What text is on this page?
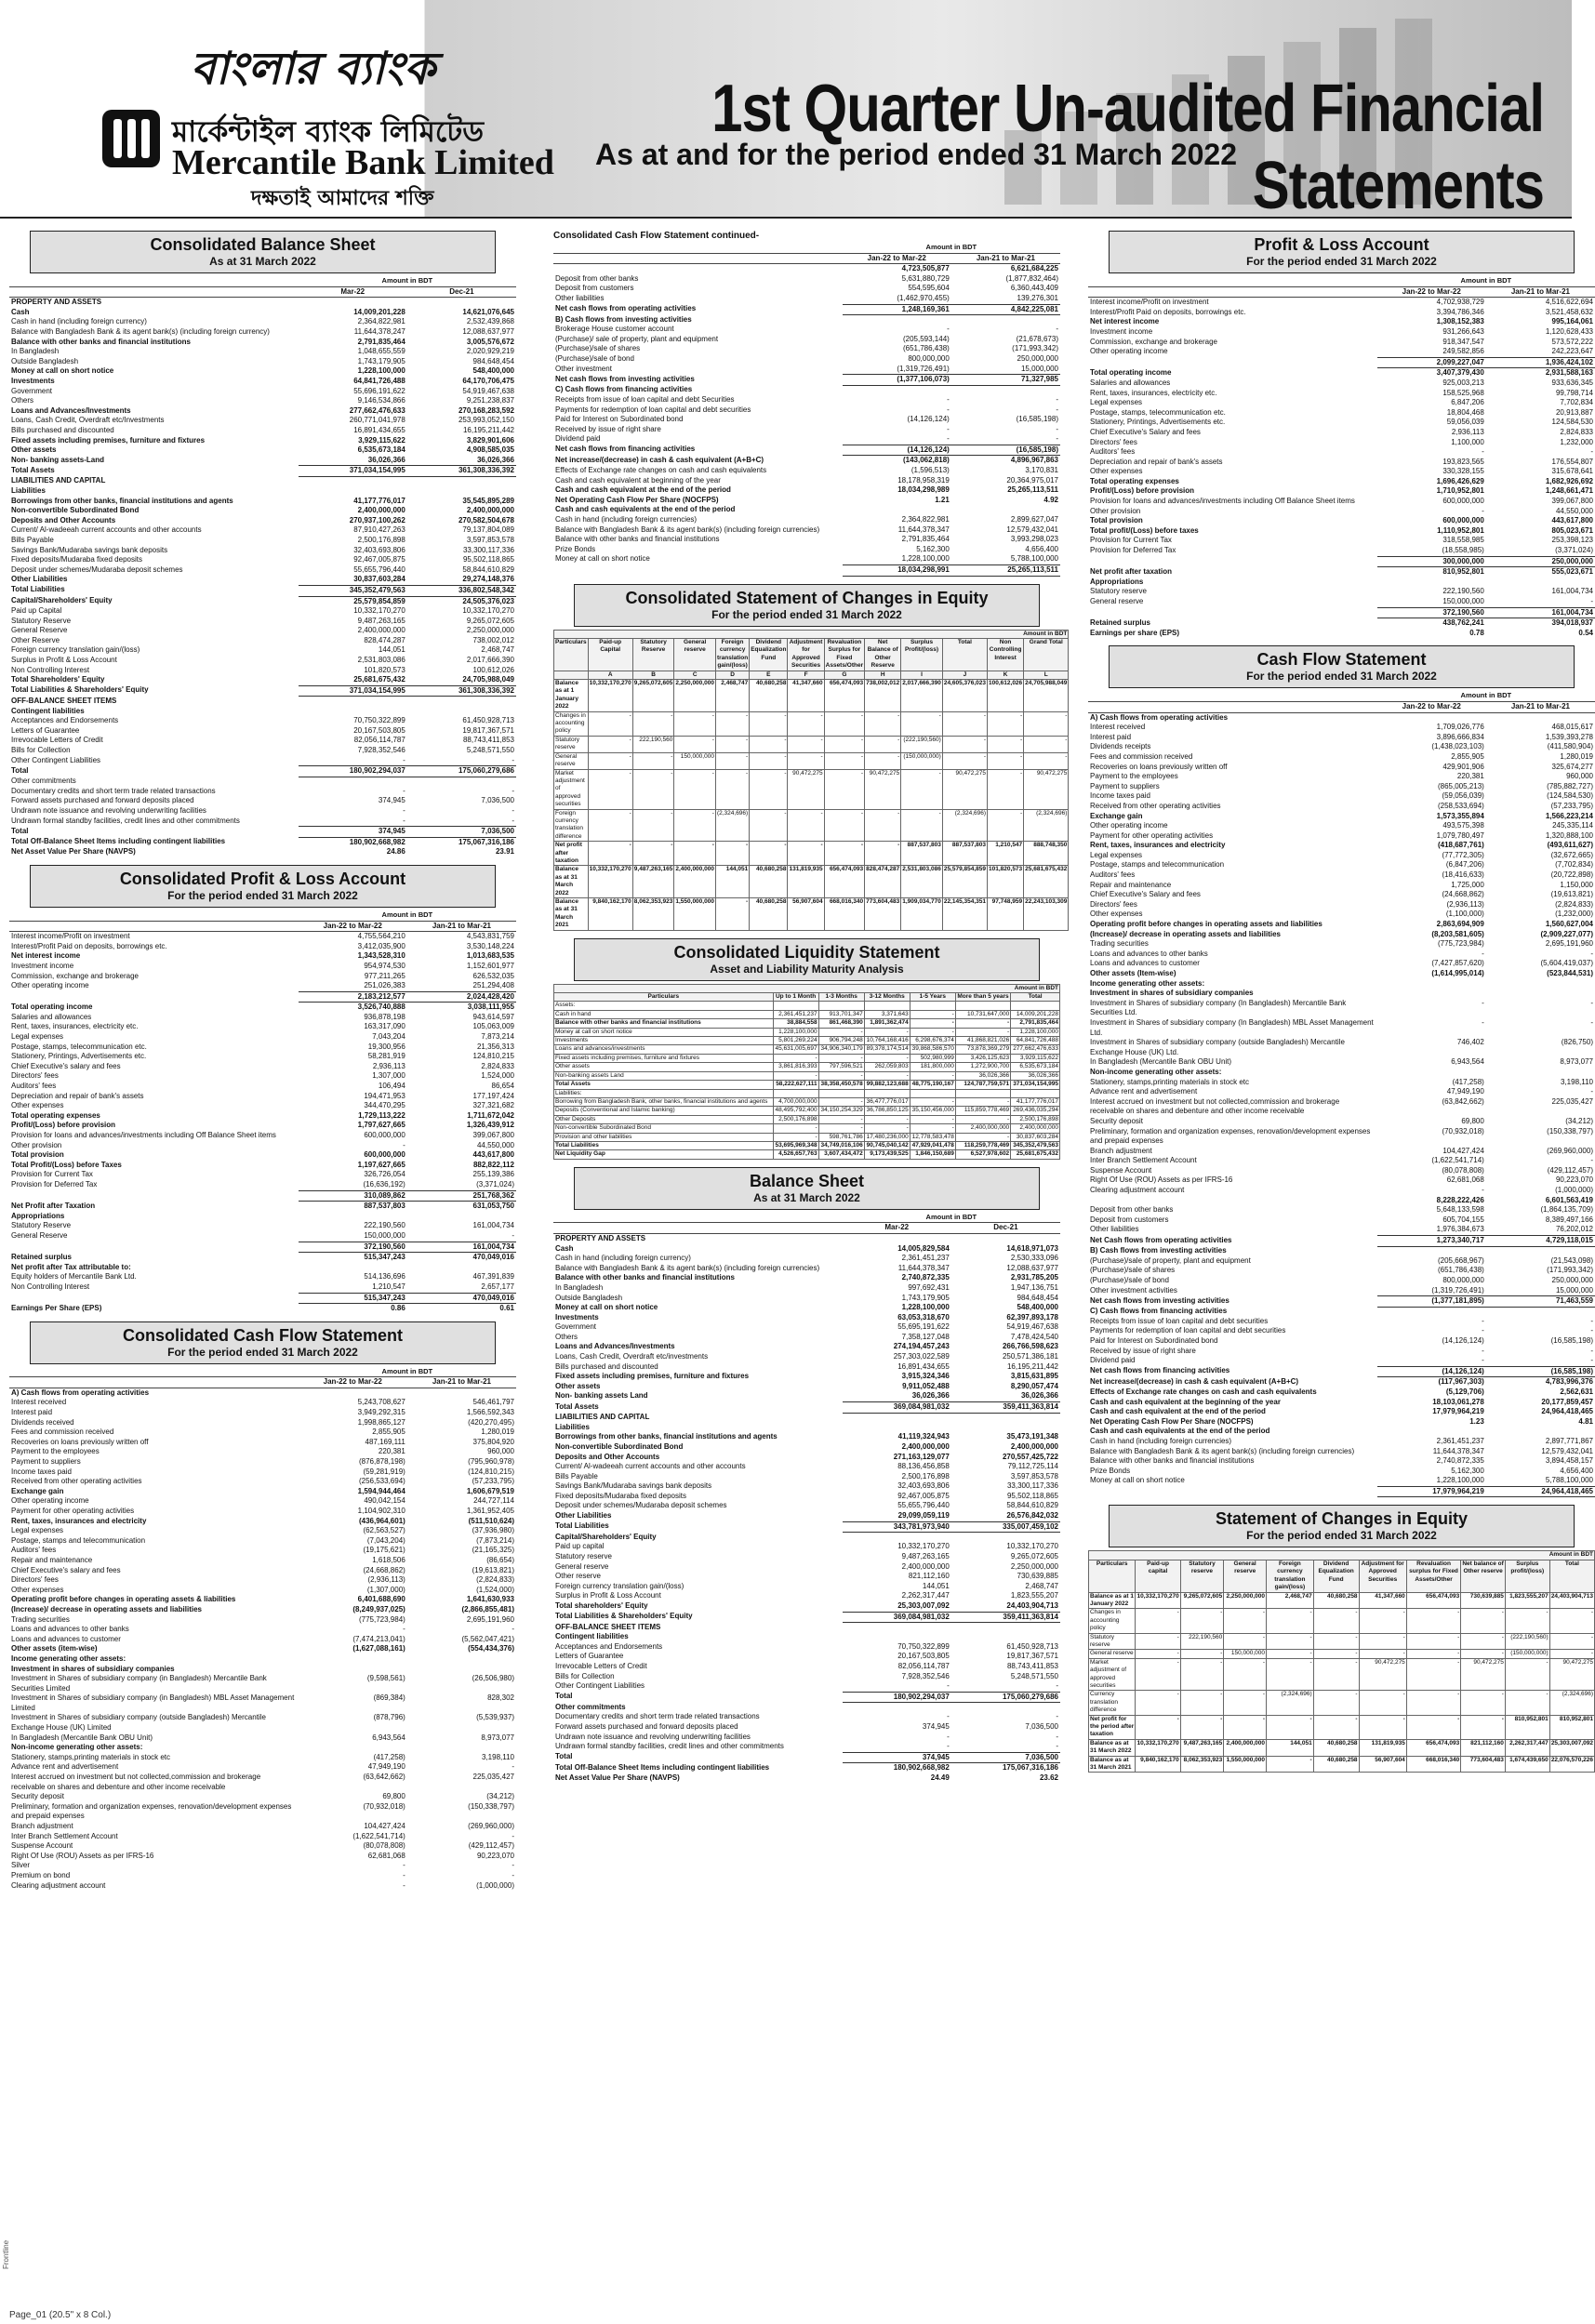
বাংলার ব্যাংক
মার্কেন্টাইল ব্যাংক লিমিটেড
Mercantile Bank Limited
দক্ষতাই আমাদের শক্তি
1st Quarter Un-audited Financial Statements
As at and for the period ended 31 March 2022
Consolidated Balance Sheet
As at 31 March 2022
	Amount in BDT	
	Mar-22	Dec-21
PROPERTY AND ASSETS		
Cash	14,009,201,228	14,621,076,645
Cash in hand (including foreign currency)	2,364,822,981	2,532,439,868
Balance with Bangladesh Bank & its agent bank(s) (including foreign currency)	11,644,378,247	12,088,637,977
Balance with other banks and financial institutions	2,791,835,464	3,005,576,672
In Bangladesh	1,048,655,559	2,020,929,219
Outside Bangladesh	1,743,179,905	984,648,454
Money at call on short notice	1,228,100,000	548,400,000
Investments	64,841,726,488	64,170,706,475
Government	55,696,191,622	54,919,467,638
Others	9,146,534,866	9,251,238,837
Loans and Advances/Investments	277,662,476,633	270,168,283,592
Loans, Cash Credit, Overdraft etc/Investments	260,771,041,978	253,993,052,150
Bills purchased and discounted	16,891,434,655	16,195,211,442
Fixed assets including premises, furniture and fixtures	3,929,115,622	3,829,901,606
Other assets	6,535,673,184	4,908,585,035
Non- banking assets-Land	36,026,366	36,026,366
Total Assets	371,034,154,995	361,308,336,392
LIABILITIES AND CAPITAL		
Liabilities		
Borrowings from other banks, financial institutions and agents	41,177,776,017	35,545,895,289
Non-convertible Subordinated Bond	2,400,000,000	2,400,000,000
Deposits and Other Accounts	270,937,100,262	270,582,504,678
Current/ Al-wadeeah current accounts and other accounts	87,910,427,263	79,137,804,089
Bills Payable	2,500,176,898	3,597,853,578
Savings Bank/Mudaraba savings bank deposits	32,403,693,806	33,300,117,336
Fixed deposits/Mudaraba fixed deposits	92,467,005,875	95,502,118,865
Deposit under schemes/Mudaraba deposit schemes	55,655,796,440	58,844,610,829
Other Liabilities	30,837,603,284	29,274,148,376
Total Liabilities	345,352,479,563	336,802,548,342
Capital/Shareholders' Equity	25,579,854,859	24,505,376,023
Paid up Capital	10,332,170,270	10,332,170,270
Statutory Reserve	9,487,263,165	9,265,072,605
General Reserve	2,400,000,000	2,250,000,000
Other Reserve	828,474,287	738,002,012
Foreign currency translation gain/(loss)	144,051	2,468,747
Surplus in Profit & Loss Account	2,531,803,086	2,017,666,390
Non Controlling Interest	101,820,573	100,612,026
Total Shareholders' Equity	25,681,675,432	24,705,988,049
Total Liabilities & Shareholders' Equity	371,034,154,995	361,308,336,392
OFF-BALANCE SHEET ITEMS		
Contingent liabilities		
Acceptances and Endorsements	70,750,322,899	61,450,928,713
Letters of Guarantee	20,167,503,805	19,817,367,571
Irrevocable Letters of Credit	82,056,114,787	88,743,411,853
Bills for Collection	7,928,352,546	5,248,571,550
Other Contingent Liabilities	-	-
Total	180,902,294,037	175,060,279,686
Other commitments		
Documentary credits and short term trade related transactions	-	-
Forward assets purchased and forward deposits placed	374,945	7,036,500
Undrawn note issuance and revolving underwriting facilities	-	-
Undrawn formal standby facilities, credit lines and other commitments	-	-
Total	374,945	7,036,500
Total Off-Balance Sheet Items including contingent liabilities	180,902,668,982	175,067,316,186
Net Asset Value Per Share (NAVPS)	24.86	23.91
Consolidated Profit & Loss Account
For the period ended 31 March 2022
	Amount in BDT	
	Jan-22 to Mar-22	Jan-21 to Mar-21
Interest income/Profit on investment	4,755,564,210	4,543,831,759
Interest/Profit Paid on deposits, borrowings etc.	3,412,035,900	3,530,148,224
Net interest income	1,343,528,310	1,013,683,535
Investment income	954,974,530	1,152,601,977
Commission, exchange and brokerage	977,211,265	626,532,035
Other operating income	251,026,383	251,294,408
	2,183,212,577	2,024,428,420
Total operating income	3,526,740,888	3,038,111,955
Salaries and allowances	936,878,198	943,614,597
Rent, taxes, insurances, electricity etc.	163,317,090	105,063,009
Legal expenses	7,043,204	7,873,214
Postage, stamps, telecommunication etc.	19,300,956	21,356,313
Stationery, Printings, Advertisements etc.	58,281,919	124,810,215
Chief Executive's salary and fees	2,936,113	2,824,833
Directors' fees	1,307,000	1,524,000
Auditors' fees	106,494	86,654
Depreciation and repair of bank's assets	194,471,953	177,197,424
Other expenses	344,470,295	327,321,682
Total operating expenses	1,729,113,222	1,711,672,042
Profit/(Loss) before provision	1,797,627,665	1,326,439,912
Provision for loans and advances/investments including Off Balance Sheet items	600,000,000	399,067,800
Other provision	-	44,550,000
Total provision	600,000,000	443,617,800
Total Profit/(Loss) before Taxes	1,197,627,665	882,822,112
Provision for Current Tax	326,726,054	255,139,386
Provision for Deferred Tax	(16,636,192)	(3,371,024)
	310,089,862	251,768,362
Net Profit after Taxation	887,537,803	631,053,750
Appropriations		
Statutory Reserve	222,190,560	161,004,734
General Reserve	150,000,000	-
	372,190,560	161,004,734
Retained surplus	515,347,243	470,049,016
Net profit after Tax attributable to:		
Equity holders of Mercantile Bank Ltd.	514,136,696	467,391,839
Non Controlling Interest	1,210,547	2,657,177
	515,347,243	470,049,016
Earnings Per Share (EPS)	0.86	0.61
Consolidated Cash Flow Statement
For the period ended 31 March 2022
	Amount in BDT	
	Jan-22 to Mar-22	Jan-21 to Mar-21
A) Cash flows from operating activities		
Interest received	5,243,708,627	546,461,797
Interest paid	3,949,292,315	1,566,592,343
Dividends received	1,998,865,127	(420,270,495)
Fees and commission received	2,855,905	1,280,019
Recoveries on loans previously written off	487,169,111	375,804,920
Payment to the employees	220,381	960,000
Payment to suppliers	(876,878,198)	(795,960,978)
Income taxes paid	(59,281,919)	(124,810,215)
Received from other operating activities	(256,533,694)	(57,233,795)
Exchange gain	1,594,944,464	1,606,679,519
Other operating income	490,042,154	244,727,114
Payment for other operating activities	1,104,902,310	1,361,952,405
Rent, taxes, insurances and electricity	(436,964,601)	(511,510,624)
Legal expenses	(62,563,527)	(37,936,980)
Postage, stamps and telecommunication	(7,043,204)	(7,873,214)
Auditors' fees	(19,175,621)	(21,165,325)
Repair and maintenance	1,618,506	(86,654)
Chief Executive's salary and fees	(24,668,862)	(19,613,821)
Directors' fees	(2,936,113)	(2,824,833)
Other expenses	(1,307,000)	(1,524,000)
Operating profit before changes in operating assets & liabilities	6,401,688,690	1,641,630,933
(Increase)/ decrease in operating assets and liabilities	(8,249,937,025)	(2,866,855,481)
Trading securities	(775,723,984)	2,695,191,960
Loans and advances to other banks	-	-
Loans and advances to customer	(7,474,213,041)	(5,562,047,421)
Other assets (item-wise)	(1,627,088,161)	(554,434,376)
Income generating other assets:		
Investment in shares of subsidiary companies		
Investment in Shares of subsidiary company (in Bangladesh) Mercantile Bank Securities Limited	(9,598,561)	(26,506,980)
Investment in Shares of subsidiary company (in Bangladesh) MBL Asset Management Limited	(869,384)	828,302
Investment in Shares of subsidiary company (outside Bangladesh) Mercantile Exchange House (UK) Limited	(878,796)	(5,539,937)
In Bangladesh (Mercantile Bank OBU Unit)	6,943,564	8,973,077
Non-income generating other assets:		
Stationery, stamps,printing materials in stock etc	(417,258)	3,198,110
Advance rent and advertisement	47,949,190	-
Interest accrued on investment but not collected,commission and brokerage receivable on shares and debenture and other income receivable	(63,642,662)	225,035,427
Security deposit	69,800	(34,212)
Preliminary, formation and organization expenses, renovation/development expenses and prepaid expenses	(70,932,018)	(150,338,797)
Branch adjustment	104,427,424	(269,960,000)
Inter Branch Settlement Account	(1,622,541,714)	-
Suspense Account	(80,078,808)	(429,112,457)
Right Of Use (ROU) Assets as per IFRS-16	62,681,068	90,223,070
Silver	-	-
Premium on bond	-	-
Clearing adjustment account	-	(1,000,000)
Consolidated Cash Flow Statement continued-
	Amount in BDT	
	Jan-22 to Mar-22	Jan-21 to Mar-21
	4,723,505,877	6,621,684,225
Deposit from other banks	5,631,880,729	(1,877,832,464)
Deposit from customers	554,595,604	6,360,443,409
Other liabilities	(1,462,970,455)	139,276,301
Net cash flows from operating activities	1,248,169,361	4,842,225,081
B) Cash flows from investing activities		
Brokerage House customer account	-	-
(Purchase)/ sale of property, plant and equipment	(205,593,144)	(21,678,673)
(Purchase)/sale of shares	(651,786,438)	(171,993,342)
(Purchase)/sale of bond	800,000,000	250,000,000
Other investment	(1,319,726,491)	15,000,000
Net cash flows from investing activities	(1,377,106,073)	71,327,985
C) Cash flows from financing activities		
Receipts from issue of loan capital and debt Securities	-	-
Payments for redemption of loan capital and debt securities	-	-
Paid for Interest on Subordinated bond	(14,126,124)	(16,585,198)
Received by issue of right share	-	-
Dividend paid	-	-
Net cash flows from financing activities	(14,126,124)	(16,585,198)
Net increase/(decrease) in cash & cash equivalent (A+B+C)	(143,062,818)	4,896,967,863
Effects of Exchange rate changes on cash and cash equivalents	(1,596,513)	3,170,831
Cash and cash equivalent at beginning of the year	18,178,958,319	20,364,975,017
Cash and cash equivalent at the end of the period	18,034,298,989	25,265,113,511
Net Operating Cash Flow Per Share (NOCFPS)	1.21	4.92
Cash and cash equivalents at the end of the period		
Cash in hand (including foreign currencies)	2,364,822,981	2,899,627,047
Balance with Bangladesh Bank & its agent bank(s) (including foreign currencies)	11,644,378,347	12,579,432,041
Balance with other banks and financial institutions	2,791,835,464	3,993,298,023
Prize Bonds	5,162,300	4,656,400
Money at call on short notice	1,228,100,000	5,788,100,000
	18,034,298,991	25,265,113,511
Consolidated Statement of Changes in Equity
For the period ended 31 March 2022
Amount in BDT												
Particulars	Paid-up Capital	Statutory Reserve	General reserve	Foreign currency translation gain/(loss)	Dividend Equalization Fund	Adjustment for Approved Securities	Revaluation Surplus for Fixed Assets/Other	Net Balance of Other Reserve	Surplus Profit/(loss)	Total	Non Controlling Interest	Grand Total
	A	B	C	D	E	F	G	H	I	J	K	L
Balance as at 1 January 2022	10,332,170,270	9,265,072,605	2,250,000,000	2,468,747	40,680,258	41,347,660	656,474,093	738,002,012	2,017,666,390	24,605,376,023	100,612,026	24,705,988,049
Changes in accounting policy	-	-	-	-	-	-	-	-	-	-	-	-
Statutory reserve	-	222,190,560	-	-	-	-	-	-	(222,190,560)	-	-	-
General reserve	-	-	150,000,000	-	-	-	-	-	(150,000,000)	-	-	-
Market adjustment of approved securities	-	-	-	-	-	90,472,275	-	90,472,275	-	90,472,275	-	90,472,275
Foreign currency translation difference	-	-	-	(2,324,696)	-	-	-	-	-	(2,324,696)	-	(2,324,696)
Net profit after taxation	-	-	-	-	-	-	-	-	887,537,803	887,537,803	1,210,547	888,748,350
Balance as at 31 March 2022	10,332,170,270	9,487,263,165	2,400,000,000	144,051	40,680,258	131,819,935	656,474,093	828,474,287	2,531,803,086	25,579,854,859	101,820,573	25,681,675,432
Balance as at 31 March 2021	9,840,162,170	8,062,353,923	1,550,000,000	-	40,680,258	56,907,604	668,016,340	773,604,483	1,909,034,770	22,145,354,351	97,748,959	22,243,103,309
Consolidated Liquidity Statement
Asset and Liability Maturity Analysis
Amount in BDT						
Particulars	Up to 1 Month	1-3 Months	3-12 Months	1-5 Years	More than 5 years	Total
Assets:						
Cash in hand	2,361,451,237	913,701,347	3,371,643	-	10,731,647,000	14,009,201,228
Balance with other banks and financial institutions	38,884,558	861,468,390	1,891,362,474	-	-	2,791,835,464
Money at call on short notice	1,228,100,000	-	-	-	-	1,228,100,000
Investments	5,801,269,224	906,794,248	10,764,168,416	6,298,676,374	41,868,821,026	64,841,726,488
Loans and advances/investments	45,631,005,697	34,906,340,179	89,378,174,514	39,868,586,570	73,878,369,279	277,662,476,633
Fixed assets including premises, furniture and fixtures	-	-	-	502,980,999	3,426,125,623	3,929,115,622
Other assets	3,861,816,393	797,596,521	262,059,803	181,800,000	1,272,900,700	6,535,673,184
Non-banking assets Land	-	-	-	-	36,026,366	36,026,366
Total Assets	58,222,627,111	38,358,450,578	99,882,123,688	48,775,190,167	124,787,759,571	371,034,154,995
Liabilities:						
Borrowing from Bangladesh Bank, other banks, financial institutions and agents	4,700,000,000	-	36,477,776,017	-	-	41,177,776,017
Deposits (Conventional and Islamic banking)	48,495,792,400	34,150,254,329	36,786,850,125	35,150,456,000	115,859,778,469	269,436,035,294
Other Deposits	2,500,176,898	-	-	-	-	2,500,176,898
Non-convertible Subordinated Bond	-	-	-	-	2,400,000,000	2,400,000,000
Provision and other liabilities	-	598,761,786	17,480,236,000	12,778,583,478	-	30,837,603,284
Total Liabilities	53,695,969,348	34,749,016,106	90,745,040,142	47,929,041,478	118,259,778,469	345,352,479,563
Net Liquidity Gap	4,526,657,763	3,607,434,472	9,173,439,525	1,846,150,689	6,527,978,602	25,681,675,432
Balance Sheet
As at 31 March 2022
	Amount in BDT	
	Mar-22	Dec-21
PROPERTY AND ASSETS		
Cash	14,005,829,584	14,618,971,073
Cash in hand (including foreign currency)	2,361,451,237	2,530,333,096
Balance with Bangladesh Bank & its agent bank(s) (including foreign currencies)	11,644,378,347	12,088,637,977
Balance with other banks and financial institutions	2,740,872,335	2,931,785,205
In Bangladesh	997,692,431	1,947,136,751
Outside Bangladesh	1,743,179,905	984,648,454
Money at call on short notice	1,228,100,000	548,400,000
Investments	63,053,318,670	62,397,893,178
Government	55,695,191,622	54,919,467,638
Others	7,358,127,048	7,478,424,540
Loans and Advances/Investments	274,194,457,243	266,766,598,623
Loans, Cash Credit, Overdraft etc/investments	257,303,022,589	250,571,386,181
Bills purchased and discounted	16,891,434,655	16,195,211,442
Fixed assets including premises, furniture and fixtures	3,915,324,346	3,815,631,895
Other assets	9,911,052,488	8,290,057,474
Non- banking assets Land	36,026,366	36,026,366
Total Assets	369,084,981,032	359,411,363,814
LIABILITIES AND CAPITAL		
Liabilities		
Borrowings from other banks, financial institutions and agents	41,119,324,943	35,473,191,348
Non-convertible Subordinated Bond	2,400,000,000	2,400,000,000
Deposits and Other Accounts	271,163,129,077	270,557,425,722
Current/ Al-wadeeah current accounts and other accounts	88,136,456,858	79,112,725,114
Bills Payable	2,500,176,898	3,597,853,578
Savings Bank/Mudaraba savings bank deposits	32,403,693,806	33,300,117,336
Fixed deposits/Mudaraba fixed deposits	92,467,005,875	95,502,118,865
Deposit under schemes/Mudaraba deposit schemes	55,655,796,440	58,844,610,829
Other Liabilities	29,099,059,119	26,576,842,032
Total Liabilities	343,781,973,940	335,007,459,102
Capital/Shareholders' Equity		
Paid up capital	10,332,170,270	10,332,170,270
Statutory reserve	9,487,263,165	9,265,072,605
General reserve	2,400,000,000	2,250,000,000
Other reserve	821,112,160	730,639,885
Foreign currency translation gain/(loss)	144,051	2,468,747
Surplus in Profit & Loss Account	2,262,317,447	1,823,555,207
Total shareholders' Equity	25,303,007,092	24,403,904,713
Total Liabilities & Shareholders' Equity	369,084,981,032	359,411,363,814
OFF-BALANCE SHEET ITEMS		
Contingent liabilities		
Acceptances and Endorsements	70,750,322,899	61,450,928,713
Letters of Guarantee	20,167,503,805	19,817,367,571
Irrevocable Letters of Credit	82,056,114,787	88,743,411,853
Bills for Collection	7,928,352,546	5,248,571,550
Other Contingent Liabilities	-	-
Total	180,902,294,037	175,060,279,686
Other commitments		
Documentary credits and short term trade related transactions	-	-
Forward assets purchased and forward deposits placed	374,945	7,036,500
Undrawn note issuance and revolving underwriting facilities	-	-
Undrawn formal standby facilities, credit lines and other commitments	-	-
Total	374,945	7,036,500
Total Off-Balance Sheet Items including contingent liabilities	180,902,668,982	175,067,316,186
Net Asset Value Per Share (NAVPS)	24.49	23.62
Profit & Loss Account
For the period ended 31 March 2022
	Amount in BDT	
	Jan-22 to Mar-22	Jan-21 to Mar-21
Interest income/Profit on investment	4,702,938,729	4,516,622,694
Interest/Profit Paid on deposits, borrowings etc.	3,394,786,346	3,521,458,632
Net interest income	1,308,152,383	995,164,061
Investment income	931,266,643	1,120,628,433
Commission, exchange and brokerage	918,347,547	573,572,222
Other operating income	249,582,856	242,223,647
	2,099,227,047	1,936,424,102
Total operating income	3,407,379,430	2,931,588,163
Salaries and allowances	925,003,213	933,636,345
Rent, taxes, insurances, electricity etc.	158,525,968	99,798,714
Legal expenses	6,847,206	7,702,834
Postage, stamps, telecommunication etc.	18,804,468	20,913,887
Stationery, Printings, Advertisements etc.	59,056,039	124,584,530
Chief Executive's Salary and fees	2,936,113	2,824,833
Directors' fees	1,100,000	1,232,000
Auditors' fees	-	-
Depreciation and repair of bank's assets	193,823,565	176,554,807
Other expenses	330,328,155	315,678,641
Total operating expenses	1,696,426,629	1,682,926,692
Profit/(Loss) before provision	1,710,952,801	1,248,661,471
Provision for loans and advances/investments including Off Balance Sheet items	600,000,000	399,067,800
Other provision	-	44,550,000
Total provision	600,000,000	443,617,800
Total profit/(Loss) before taxes	1,110,952,801	805,023,671
Provision for Current Tax	318,558,985	253,398,123
Provision for Deferred Tax	(18,558,985)	(3,371,024)
	300,000,000	250,000,000
Net profit after taxation	810,952,801	555,023,671
Appropriations		
Statutory reserve	222,190,560	161,004,734
General reserve	150,000,000	-
	372,190,560	161,004,734
Retained surplus	438,762,241	394,018,937
Earnings per share (EPS)	0.78	0.54
Cash Flow Statement
For the period ended 31 March 2022
	Amount in BDT	
	Jan-22 to Mar-22	Jan-21 to Mar-21
A) Cash flows from operating activities		
Interest received	1,709,026,776	468,015,617
Interest paid	3,896,666,834	1,539,393,278
Dividends receipts	(1,438,023,103)	(411,580,904)
Fees and commission received	2,855,905	1,280,019
Recoveries on loans previously written off	429,901,906	325,674,277
Payment to the employees	220,381	960,000
Payment to suppliers	(865,005,213)	(785,882,727)
Income taxes paid	(59,056,039)	(124,584,530)
Received from other operating activities	(258,533,694)	(57,233,795)
Exchange gain	1,573,355,894	1,566,223,214
Other operating income	493,575,398	245,335,114
Payment for other operating activities	1,079,780,497	1,320,888,100
Rent, taxes, insurances and electricity	(418,687,761)	(493,611,627)
Legal expenses	(77,772,305)	(32,672,665)
Postage, stamps and telecommunication	(6,847,206)	(7,702,834)
Auditors' fees	(18,416,633)	(20,722,898)
Repair and maintenance	1,725,000	1,150,000
Chief Executive's Salary and fees	(24,668,862)	(19,613,821)
Directors' fees	(2,936,113)	(2,824,833)
Other expenses	(1,100,000)	(1,232,000)
Operating profit before changes in operating assets and liabilities	2,863,694,909	1,560,627,004
(Increase)/ decrease in operating assets and liabilities	(8,203,581,605)	(2,909,227,077)
Trading securities	(775,723,984)	2,695,191,960
Loans and advances to other banks	-	-
Loans and advances to customer	(7,427,857,620)	(5,604,419,037)
Other assets (Item-wise)	(1,614,995,014)	(523,844,531)
Income generating other assets:		
Investment in shares of subsidiary companies		
Investment in Shares of subsidiary company (In Bangladesh) Mercantile Bank Securities Ltd.	-	-
Investment in Shares of subsidiary company (In Bangladesh) MBL Asset Management Ltd.	-	-
Investment in Shares of subsidiary company (outside Bangladesh) Mercantile Exchange House (UK) Ltd.	746,402	(826,750)
In Bangladesh (Mercantile Bank OBU Unit)	6,943,564	8,973,077
Non-income generating other assets:		
Stationery, stamps,printing materials in stock etc	(417,258)	3,198,110
Advance rent and advertisement	47,949,190	-
Interest accrued on investment but not collected,commission and brokerage receivable on shares and debenture and other income receivable	(63,842,662)	225,035,427
Security deposit	69,800	(34,212)
Preliminary, formation and organization expenses, renovation/development expenses and prepaid expenses	(70,932,018)	(150,338,797)
Branch adjustment	104,427,424	(269,960,000)
Inter Branch Settlement Account	(1,622,541,714)	-
Suspense Account	(80,078,808)	(429,112,457)
Right Of Use (ROU) Assets as per IFRS-16	62,681,068	90,223,070
Clearing adjustment account	-	(1,000,000)
	8,228,222,426	6,601,563,419
Deposit from other banks	5,648,133,598	(1,864,135,709)
Deposit from customers	605,704,155	8,389,497,166
Other liabilities	1,976,384,673	76,202,012
Net Cash flows from operating activities	1,273,340,717	4,729,118,015
B) Cash flows from investing activities		
(Purchase)/sale of property, plant and equipment	(205,668,967)	(21,543,098)
(Purchase)/sale of shares	(651,786,438)	(171,993,342)
(Purchase)/sale of bond	800,000,000	250,000,000
Other investment activities	(1,319,726,491)	15,000,000
Net cash flows from investing activities	(1,377,181,895)	71,463,559
C) Cash flows from financing activities		
Receipts from issue of loan capital and debt securities	-	-
Payments for redemption of loan capital and debt securities	-	-
Paid for Interest on Subordinated bond	(14,126,124)	(16,585,198)
Received by issue of right share	-	-
Dividend paid	-	-
Net cash flows from financing activities	(14,126,124)	(16,585,198)
Net increase/(decrease) in cash & cash equivalent (A+B+C)	(117,967,303)	4,783,996,376
Effects of Exchange rate changes on cash and cash equivalents	(5,129,706)	2,562,631
Cash and cash equivalent at the beginning of the year	18,103,061,278	20,177,859,457
Cash and cash equivalent at the end of the period	17,979,964,219	24,964,418,465
Net Operating Cash Flow Per Share (NOCFPS)	1.23	4.81
Cash and cash equivalents at the end of the period		
Cash in hand (including foreign currencies)	2,361,451,237	2,897,771,867
Balance with Bangladesh Bank & its agent bank(s) (including foreign currencies)	11,644,378,347	12,579,432,041
Balance with other banks and financial institutions	2,740,872,335	3,894,458,157
Prize Bonds	5,162,300	4,656,400
Money at call on short notice	1,228,100,000	5,788,100,000
	17,979,964,219	24,964,418,465
Statement of Changes in Equity
For the period ended 31 March 2022
Amount in BDT										
Particulars	Paid-up capital	Statutory reserve	General reserve	Foreign currency translation gain/(loss)	Dividend Equalization Fund	Adjustment for Approved Securities	Revaluation surplus for Fixed Assets/Other	Net balance of Other reserve	Surplus profit/(loss)	Total
Balance as at 1 January 2022	10,332,170,270	9,265,072,605	2,250,000,000	2,468,747	40,680,258	41,347,660	656,474,093	730,639,885	1,823,555,207	24,403,904,713
Changes in accounting policy	-	-	-	-	-	-	-	-	-	-
Statutory reserve	-	222,190,560	-	-	-	-	-	-	(222,190,560)	-
General reserve	-	-	150,000,000	-	-	-	-	-	(150,000,000)	-
Market adjustment of approved securities	-	-	-	-	-	90,472,275	-	90,472,275	-	90,472,275
Currency translation difference	-	-	-	(2,324,696)	-	-	-	-	-	(2,324,696)
Net profit for the period after taxation	-	-	-	-	-	-	-	-	810,952,801	810,952,801
Balance as at 31 March 2022	10,332,170,270	9,487,263,165	2,400,000,000	144,051	40,680,258	131,819,935	656,474,093	821,112,160	2,262,317,447	25,303,007,092
Balance as at 31 March 2021	9,840,162,170	8,062,353,923	1,550,000,000	-	40,680,258	56,907,604	668,016,340	773,604,483	1,674,439,650	22,076,570,226
Frontline
Page_01 (20.5" x 8 Col.)
